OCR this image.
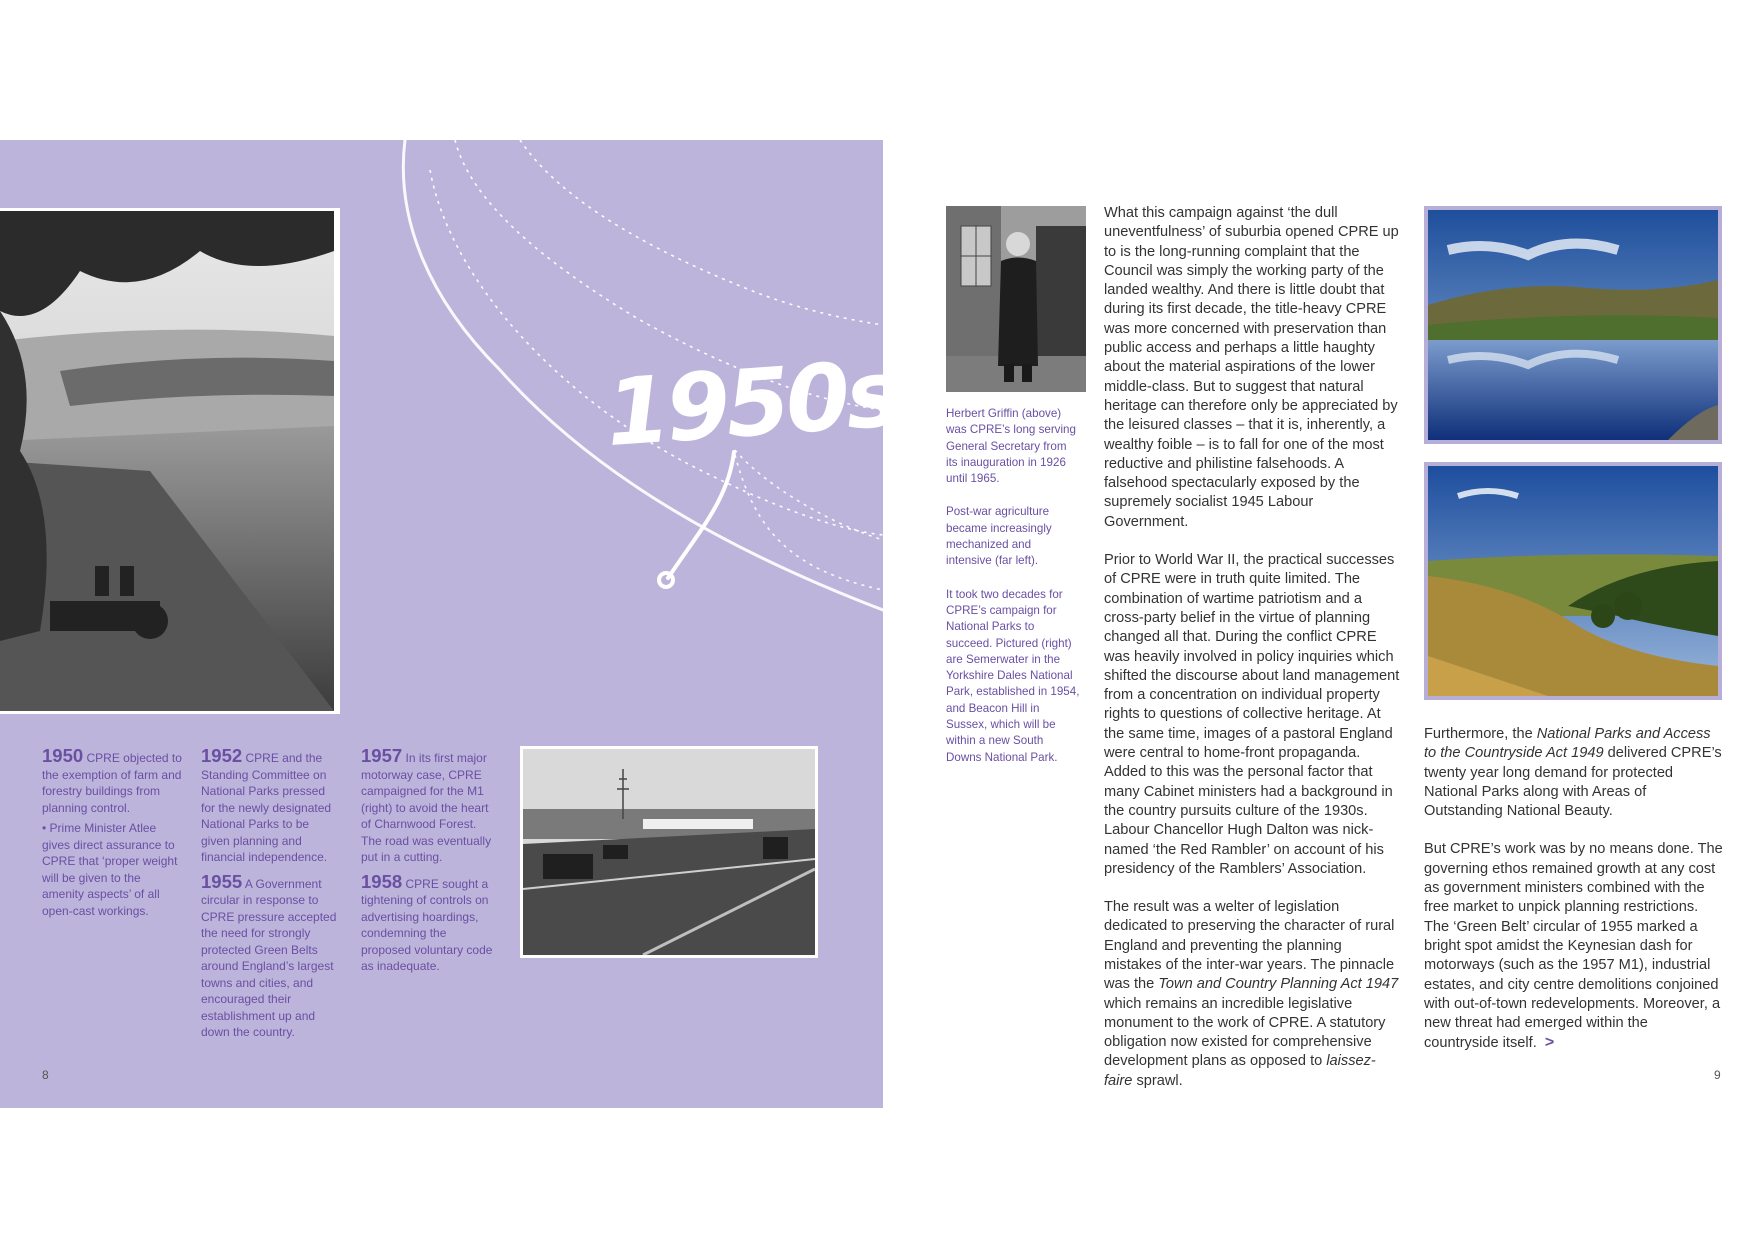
1950s

1950 CPRE objected to the exemption of farm and forestry buildings from planning control.

• Prime Minister Atlee gives direct assurance to CPRE that ‘proper weight will be given to the amenity aspects’ of all open-cast workings.

1952 CPRE and the Standing Committee on National Parks pressed for the newly designated National Parks to be given planning and financial independence.

1955 A Government circular in response to CPRE pressure accepted the need for strongly protected Green Belts around England’s largest towns and cities, and encouraged their establishment up and down the country.

1957 In its first major motorway case, CPRE campaigned for the M1 (right) to avoid the heart of Charnwood Forest. The road was eventually put in a cutting.

1958 CPRE sought a tightening of controls on advertising hoardings, condemning the proposed voluntary code as inadequate.

8

Herbert Griffin (above) was CPRE’s long serving General Secretary from its inauguration in 1926 until 1965.

Post-war agriculture became increasingly mechanized and intensive (far left).

It took two decades for CPRE’s campaign for National Parks to succeed. Pictured (right) are Semerwater in the Yorkshire Dales National Park, established in 1954, and Beacon Hill in Sussex, which will be within a new South Downs National Park.

What this campaign against ‘the dull uneventfulness’ of suburbia opened CPRE up to is the long-running complaint that the Council was simply the working party of the landed wealthy. And there is little doubt that during its first decade, the title-heavy CPRE was more concerned with preservation than public access and perhaps a little haughty about the material aspirations of the lower middle-class. But to suggest that natural heritage can therefore only be appreciated by the leisured classes – that it is, inherently, a wealthy foible – is to fall for one of the most reductive and philistine falsehoods. A falsehood spectacularly exposed by the supremely socialist 1945 Labour Government.

Prior to World War II, the practical successes of CPRE were in truth quite limited. The combination of wartime patriotism and a cross-party belief in the virtue of planning changed all that. During the conflict CPRE was heavily involved in policy inquiries which shifted the discourse about land management from a concentration on individual property rights to questions of collective heritage. At the same time, images of a pastoral England were central to home-front propaganda. Added to this was the personal factor that many Cabinet ministers had a background in the country pursuits culture of the 1930s. Labour Chancellor Hugh Dalton was nick-named ‘the Red Rambler’ on account of his presidency of the Ramblers’ Association.

The result was a welter of legislation dedicated to preserving the character of rural England and preventing the planning mistakes of the inter-war years. The pinnacle was the Town and Country Planning Act 1947 which remains an incredible legislative monument to the work of CPRE. A statutory obligation now existed for comprehensive development plans as opposed to laissez-faire sprawl.

Furthermore, the National Parks and Access to the Countryside Act 1949 delivered CPRE’s twenty year long demand for protected National Parks along with Areas of Outstanding National Beauty.

But CPRE’s work was by no means done. The governing ethos remained growth at any cost as government ministers combined with the free market to unpick planning restrictions. The ‘Green Belt’ circular of 1955 marked a bright spot amidst the Keynesian dash for motorways (such as the 1957 M1), industrial estates, and city centre demolitions conjoined with out-of-town redevelopments. Moreover, a new threat had emerged within the countryside itself. >

9
